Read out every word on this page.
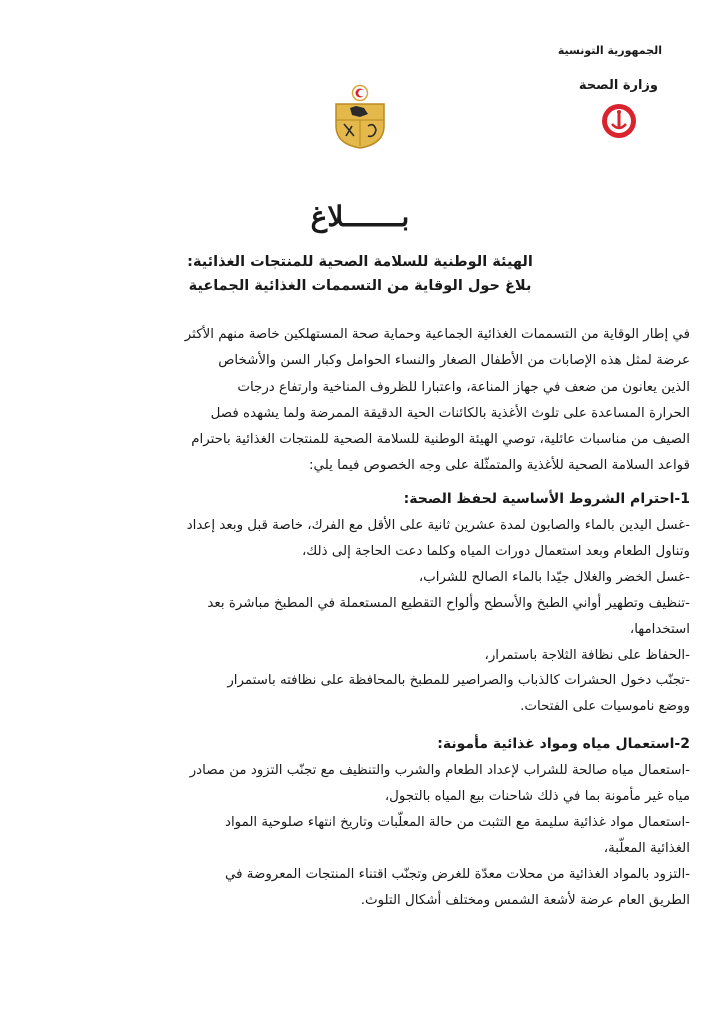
الجمهورية التونسية
وزارة الصحة
بـــــــلاغ
الهيئة الوطنية للسلامة الصحية للمنتجات الغذائية:
بلاغ حول الوقاية من التسممات الغذائية الجماعية
في إطار الوقاية من التسممات الغذائية الجماعية وحماية صحة المستهلكين خاصة منهم الأكثر
عرضة لمثل هذه الإصابات من الأطفال الصغار والنساء الحوامل وكبار السن والأشخاص
الذين يعانون من ضعف في جهاز المناعة، واعتبارا للظروف المناخية وارتفاع درجات
الحرارة المساعدة على تلوث الأغذية بالكائنات الحية الدقيقة الممرضة ولما يشهده فصل
الصيف من مناسبات عائلية، توصي الهيئة الوطنية للسلامة الصحية للمنتجات الغذائية باحترام
قواعد السلامة الصحية للأغذية والمتمثّلة على وجه الخصوص فيما يلي:
1-احترام الشروط الأساسية لحفظ الصحة:
-غسل اليدين بالماء والصابون لمدة عشرين ثانية على الأقل مع الفرك، خاصة قبل وبعد إعداد
وتناول الطعام وبعد استعمال دورات المياه وكلما دعت الحاجة إلى ذلك،
-غسل الخضر والغلال جيّدا بالماء الصالح للشراب،
-تنظيف وتطهير أواني الطبخ والأسطح وألواح التقطيع المستعملة في المطبخ مباشرة بعد
استخدامها،
-الحفاظ على نظافة الثلاجة باستمرار،
-تجنّب دخول الحشرات كالذباب والصراصير للمطبخ بالمحافظة على نظافته باستمرار
ووضع ناموسيات على الفتحات.
2-استعمال مياه ومواد غذائية مأمونة:
-استعمال مياه صالحة للشراب لإعداد الطعام والشرب والتنظيف مع تجنّب التزود من مصادر
مياه غير مأمونة بما في ذلك شاحنات بيع المياه بالتجول،
-استعمال مواد غذائية سليمة مع التثبت من حالة المعلّبات وتاريخ انتهاء صلوحية المواد
الغذائية المعلّبة،
-التزود بالمواد الغذائية من محلات معدّة للغرض وتجنّب اقتناء المنتجات المعروضة في
الطريق العام عرضة لأشعة الشمس ومختلف أشكال التلوث.
